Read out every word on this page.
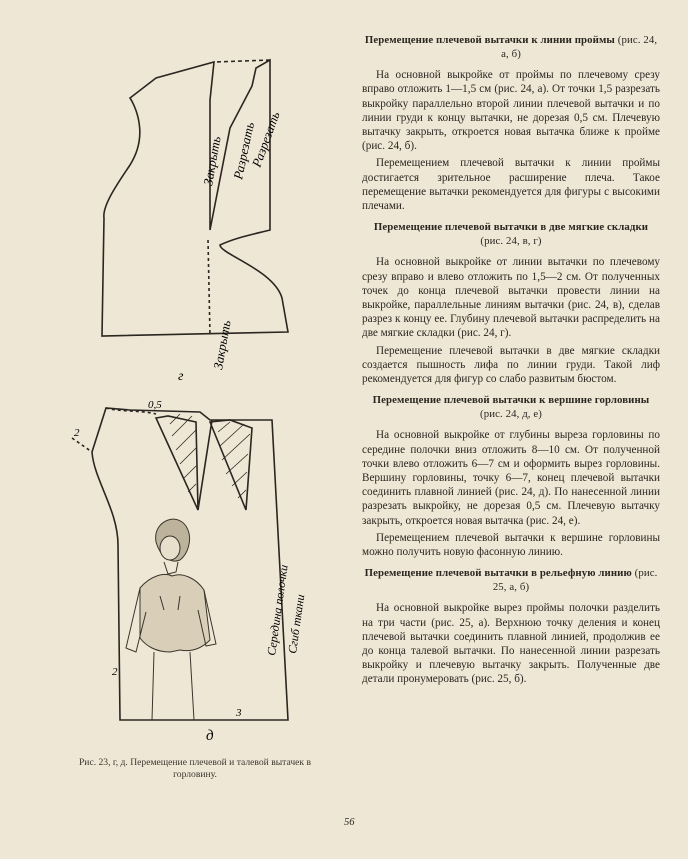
Закрыть Разрезать
Разрезать
Закрыть
г
0,5
2
2
3
Середина полочки
Сгиб ткани
д
Рис. 23, г, д. Перемещение плечевой и талевой вытачек в горловину.
Перемещение плечевой вытачки к линии проймы (рис. 24, а, б)

На основной выкройке от проймы по плечевому срезу вправо отложить 1—1,5 см (рис. 24, а). От точки 1,5 разрезать выкройку параллельно второй линии плечевой вытачки и по линии груди к концу вытачки, не дорезая 0,5 см. Плечевую вытачку закрыть, откроется новая вытачка ближе к пройме (рис. 24, б).

Перемещением плечевой вытачки к линии проймы достигается зрительное расширение плеча. Такое перемещение вытачки рекомендуется для фигуры с высокими плечами.

Перемещение плечевой вытачки в две мягкие складки (рис. 24, в, г)

На основной выкройке от линии вытачки по плечевому срезу вправо и влево отложить по 1,5—2 см. От полученных точек до конца плечевой вытачки провести линии на выкройке, параллельные линиям вытачки (рис. 24, в), сделав разрез к концу ее. Глубину плечевой вытачки распределить на две мягкие складки (рис. 24, г).

Перемещение плечевой вытачки в две мягкие складки создается пышность лифа по линии груди. Такой лиф рекомендуется для фигур со слабо развитым бюстом.

Перемещение плечевой вытачки к вершине горловины (рис. 24, д, е)

На основной выкройке от глубины выреза горловины по середине полочки вниз отложить 8—10 см. От полученной точки влево отложить 6—7 см и оформить вырез горловины. Вершину горловины, точку 6—7, конец плечевой вытачки соединить плавной линией (рис. 24, д). По нанесенной линии разрезать выкройку, не дорезая 0,5 см. Плечевую вытачку закрыть, откроется новая вытачка (рис. 24, е).

Перемещением плечевой вытачки к вершине горловины можно получить новую фасонную линию.

Перемещение плечевой вытачки в рельефную линию (рис. 25, а, б)

На основной выкройке вырез проймы полочки разделить на три части (рис. 25, а). Верхнюю точку деления и конец плечевой вытачки соединить плавной линией, продолжив ее до конца талевой вытачки. По нанесенной линии разрезать выкройку и плечевую вытачку закрыть. Полученные две детали пронумеровать (рис. 25, б).

56
